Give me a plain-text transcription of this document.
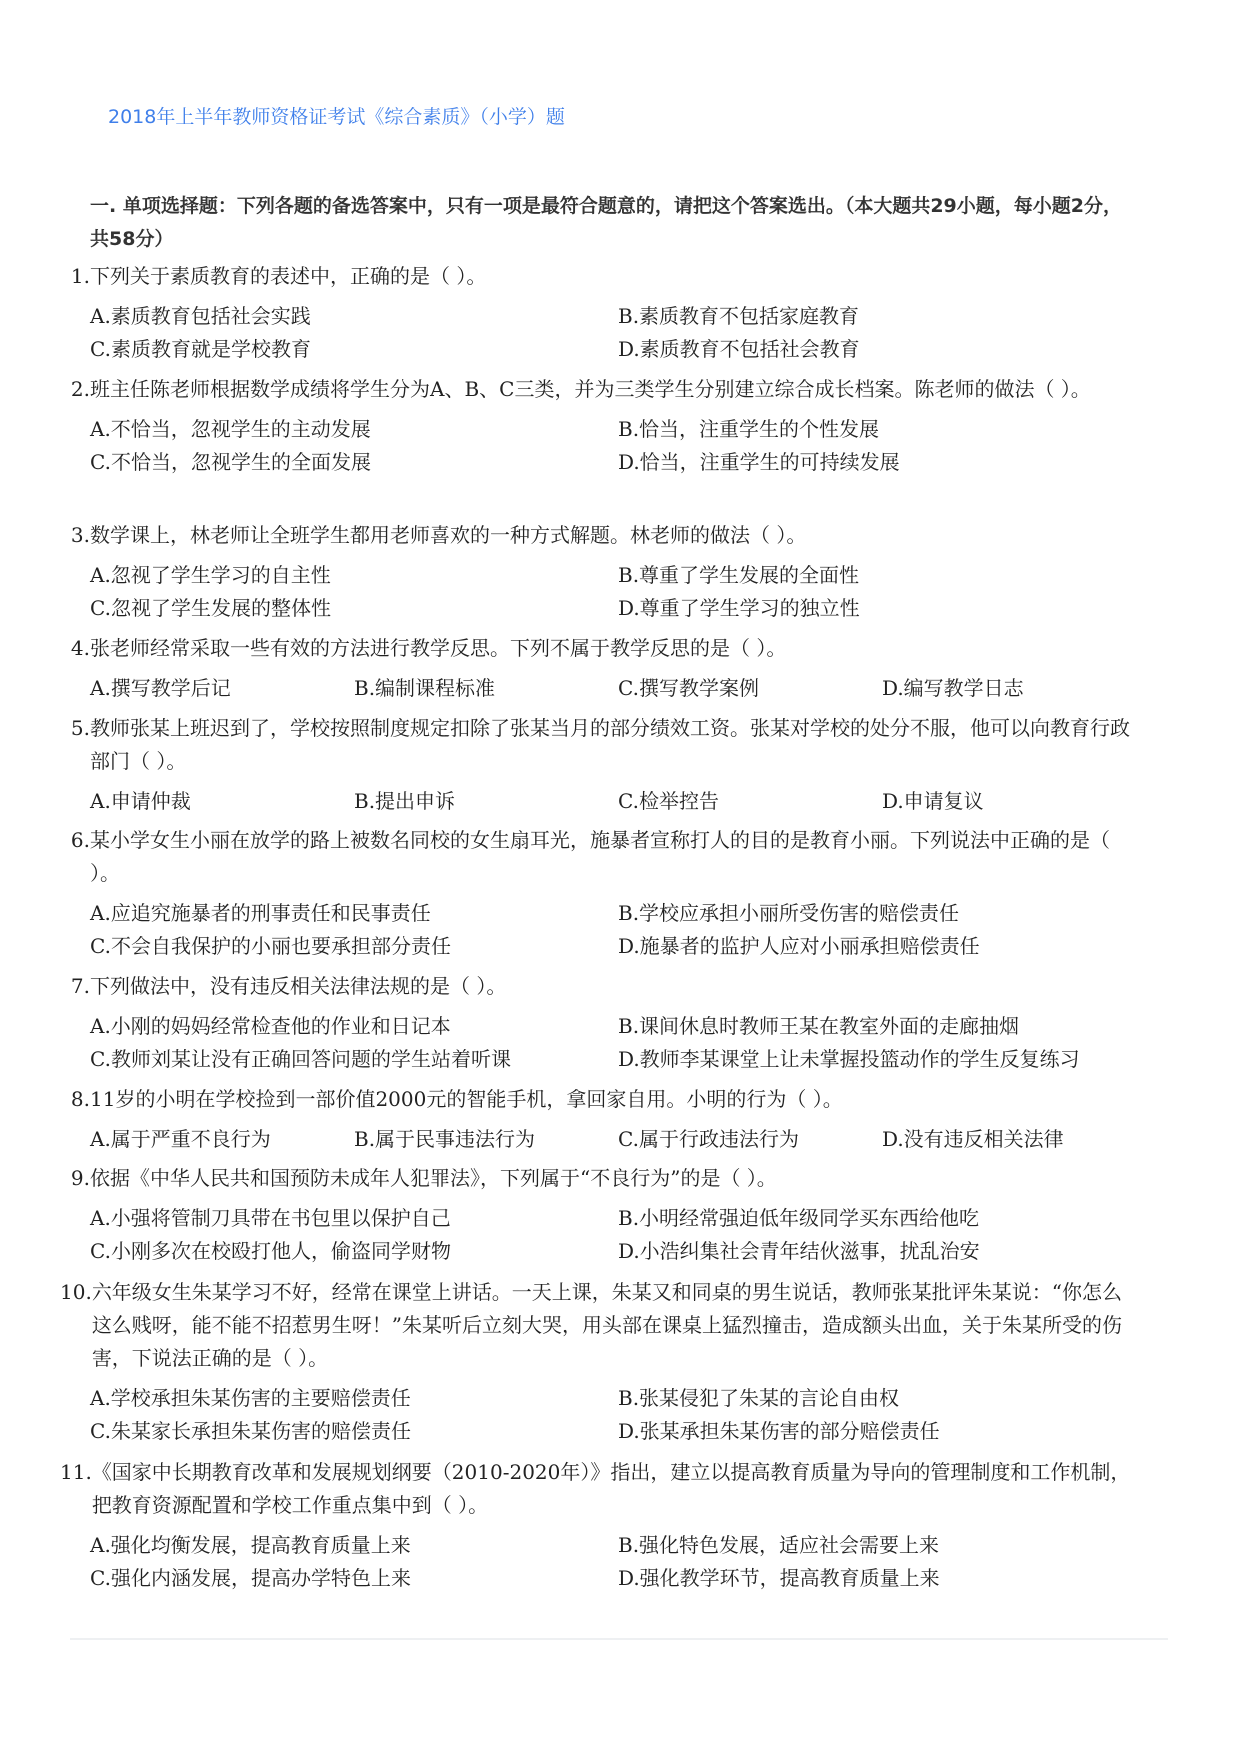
2018年上半年教师资格证考试《综合素质》（小学）题
一. 单项选择题：下列各题的备选答案中，只有一项是最符合题意的，请把这个答案选出。（本大题共29小题，每小题2分，共58分）
1. 下列关于素质教育的表述中，正确的是（ ）。
A.素质教育包括社会实践	B.素质教育不包括家庭教育
C.素质教育就是学校教育	D.素质教育不包括社会教育
2. 班主任陈老师根据数学成绩将学生分为A、B、C三类，并为三类学生分别建立综合成长档案。陈老师的做法（ ）。
A.不恰当，忽视学生的主动发展	B.恰当，注重学生的个性发展
C.不恰当，忽视学生的全面发展	D.恰当，注重学生的可持续发展
3. 数学课上，林老师让全班学生都用老师喜欢的一种方式解题。林老师的做法（ ）。
A.忽视了学生学习的自主性	B.尊重了学生发展的全面性
C.忽视了学生发展的整体性	D.尊重了学生学习的独立性
4. 张老师经常采取一些有效的方法进行教学反思。下列不属于教学反思的是（ ）。
A.撰写教学后记	B.编制课程标准	C.撰写教学案例	D.编写教学日志
5. 教师张某上班迟到了，学校按照制度规定扣除了张某当月的部分绩效工资。张某对学校的处分不服，他可以向教育行政部门（ ）。
A.申请仲裁	B.提出申诉	C.检举控告	D.申请复议
6. 某小学女生小丽在放学的路上被数名同校的女生扇耳光，施暴者宣称打人的目的是教育小丽。下列说法中正确的是（ ）。
A.应追究施暴者的刑事责任和民事责任	B.学校应承担小丽所受伤害的赔偿责任
C.不会自我保护的小丽也要承担部分责任	D.施暴者的监护人应对小丽承担赔偿责任
7. 下列做法中，没有违反相关法律法规的是（ ）。
A.小刚的妈妈经常检查他的作业和日记本	B.课间休息时教师王某在教室外面的走廊抽烟
C.教师刘某让没有正确回答问题的学生站着听课	D.教师李某课堂上让未掌握投篮动作的学生反复练习
8. 11岁的小明在学校捡到一部价值2000元的智能手机，拿回家自用。小明的行为（ ）。
A.属于严重不良行为	B.属于民事违法行为	C.属于行政违法行为	D.没有违反相关法律
9. 依据《中华人民共和国预防未成年人犯罪法》，下列属于“不良行为”的是（ ）。
A.小强将管制刀具带在书包里以保护自己	B.小明经常强迫低年级同学买东西给他吃
C.小刚多次在校殴打他人，偷盗同学财物	D.小浩纠集社会青年结伙滋事，扰乱治安
10. 六年级女生朱某学习不好，经常在课堂上讲话。一天上课，朱某又和同桌的男生说话，教师张某批评朱某说：“你怎么这么贱呀，能不能不招惹男生呀！”朱某听后立刻大哭，用头部在课桌上猛烈撞击，造成额头出血，关于朱某所受的伤害，下说法正确的是（ ）。
A.学校承担朱某伤害的主要赔偿责任	B.张某侵犯了朱某的言论自由权
C.朱某家长承担朱某伤害的赔偿责任	D.张某承担朱某伤害的部分赔偿责任
11. 《国家中长期教育改革和发展规划纲要（2010-2020年）》指出，建立以提高教育质量为导向的管理制度和工作机制，把教育资源配置和学校工作重点集中到（ ）。
A.强化均衡发展，提高教育质量上来	B.强化特色发展，适应社会需要上来
C.强化内涵发展，提高办学特色上来	D.强化教学环节，提高教育质量上来
